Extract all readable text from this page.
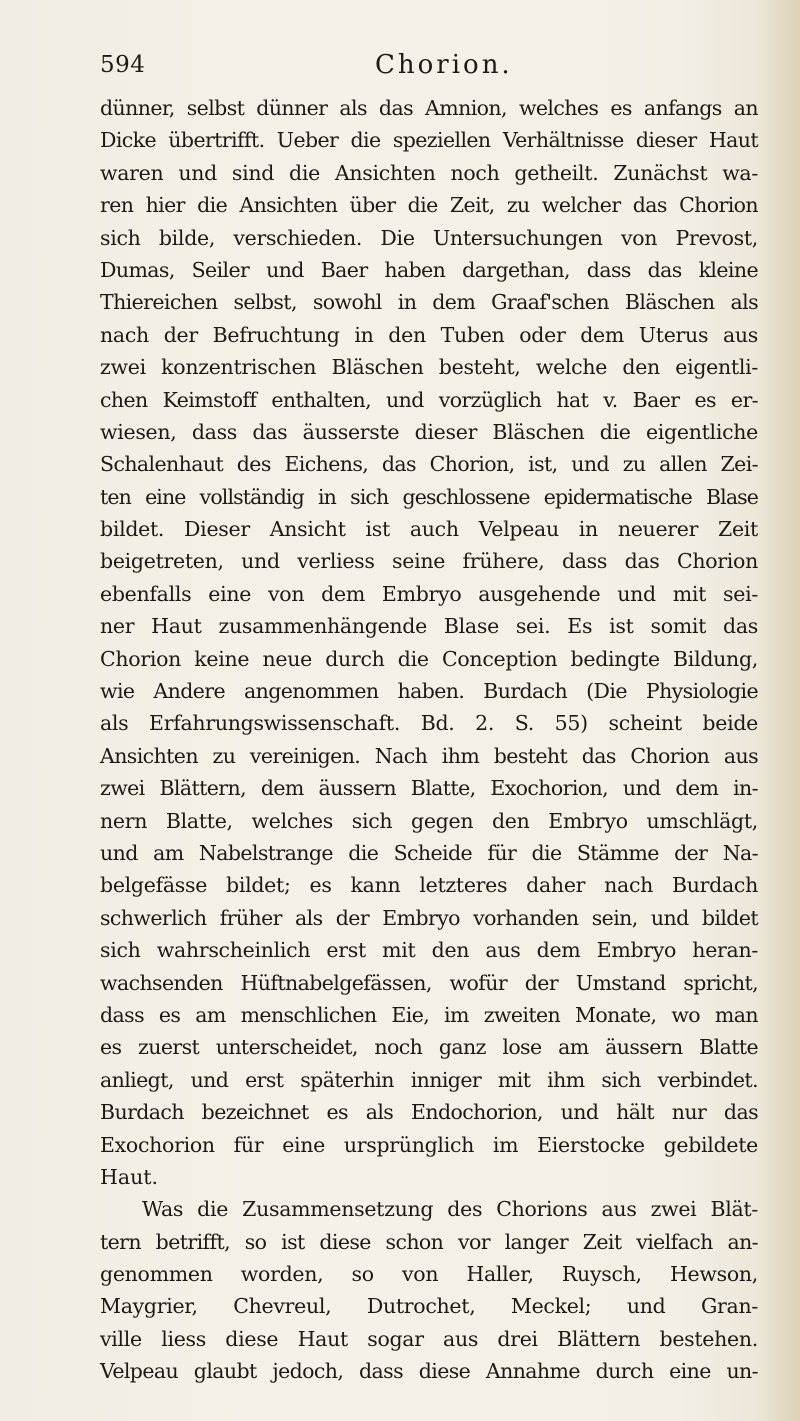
594	Chorion.
dünner, selbst dünner als das Amnion, welches es anfangs an
Dicke übertrifft. Ueber die speziellen Verhältnisse dieser Haut
waren und sind die Ansichten noch getheilt. Zunächst wa-
ren hier die Ansichten über die Zeit, zu welcher das Chorion
sich bilde, verschieden. Die Untersuchungen von Prevost,
Dumas, Seiler und Baer haben dargethan, dass das kleine
Thiereichen selbst, sowohl in dem Graaf'schen Bläschen als
nach der Befruchtung in den Tuben oder dem Uterus aus
zwei konzentrischen Bläschen besteht, welche den eigentli-
chen Keimstoff enthalten, und vorzüglich hat v. Baer es er-
wiesen, dass das äusserste dieser Bläschen die eigentliche
Schalenhaut des Eichens, das Chorion, ist, und zu allen Zei-
ten eine vollständig in sich geschlossene epidermatische Blase
bildet. Dieser Ansicht ist auch Velpeau in neuerer Zeit
beigetreten, und verliess seine frühere, dass das Chorion
ebenfalls eine von dem Embryo ausgehende und mit sei-
ner Haut zusammenhängende Blase sei. Es ist somit das
Chorion keine neue durch die Conception bedingte Bildung,
wie Andere angenommen haben. Burdach (Die Physiologie
als Erfahrungswissenschaft. Bd. 2. S. 55) scheint beide
Ansichten zu vereinigen. Nach ihm besteht das Chorion aus
zwei Blättern, dem äussern Blatte, Exochorion, und dem in-
nern Blatte, welches sich gegen den Embryo umschlägt,
und am Nabelstrange die Scheide für die Stämme der Na-
belgefässe bildet; es kann letzteres daher nach Burdach
schwerlich früher als der Embryo vorhanden sein, und bildet
sich wahrscheinlich erst mit den aus dem Embryo heran-
wachsenden Hüftnabelgefässen, wofür der Umstand spricht,
dass es am menschlichen Eie, im zweiten Monate, wo man
es zuerst unterscheidet, noch ganz lose am äussern Blatte
anliegt, und erst späterhin inniger mit ihm sich verbindet.
Burdach bezeichnet es als Endochorion, und hält nur das
Exochorion für eine ursprünglich im Eierstocke gebildete
Haut.
Was die Zusammensetzung des Chorions aus zwei Blät-
tern betrifft, so ist diese schon vor langer Zeit vielfach an-
genommen worden, so von Haller, Ruysch, Hewson,
Maygrier, Chevreul, Dutrochet, Meckel; und Gran-
ville liess diese Haut sogar aus drei Blättern bestehen.
Velpeau glaubt jedoch, dass diese Annahme durch eine un-
